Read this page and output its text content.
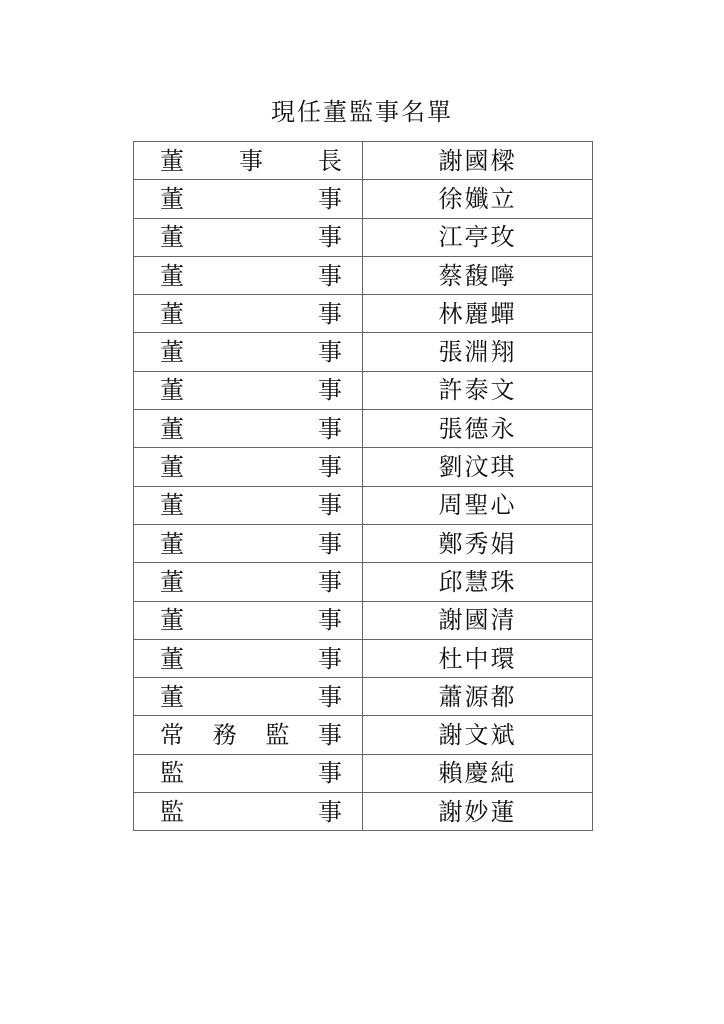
現任董監事名單
董 事 長	謝國樑

董 事	徐孅立

董 事	江亭玫

董 事	蔡馥嚀

董 事	林麗蟬

董 事	張淵翔

董 事	許泰文

董 事	張德永

董 事	劉汶琪

董 事	周聖心

董 事	鄭秀娟

董 事	邱慧珠

董 事	謝國清

董 事	杜中環

董 事	蕭源都

常 務 監 事	謝文斌

監 事	賴慶純

監 事	謝妙蓮
